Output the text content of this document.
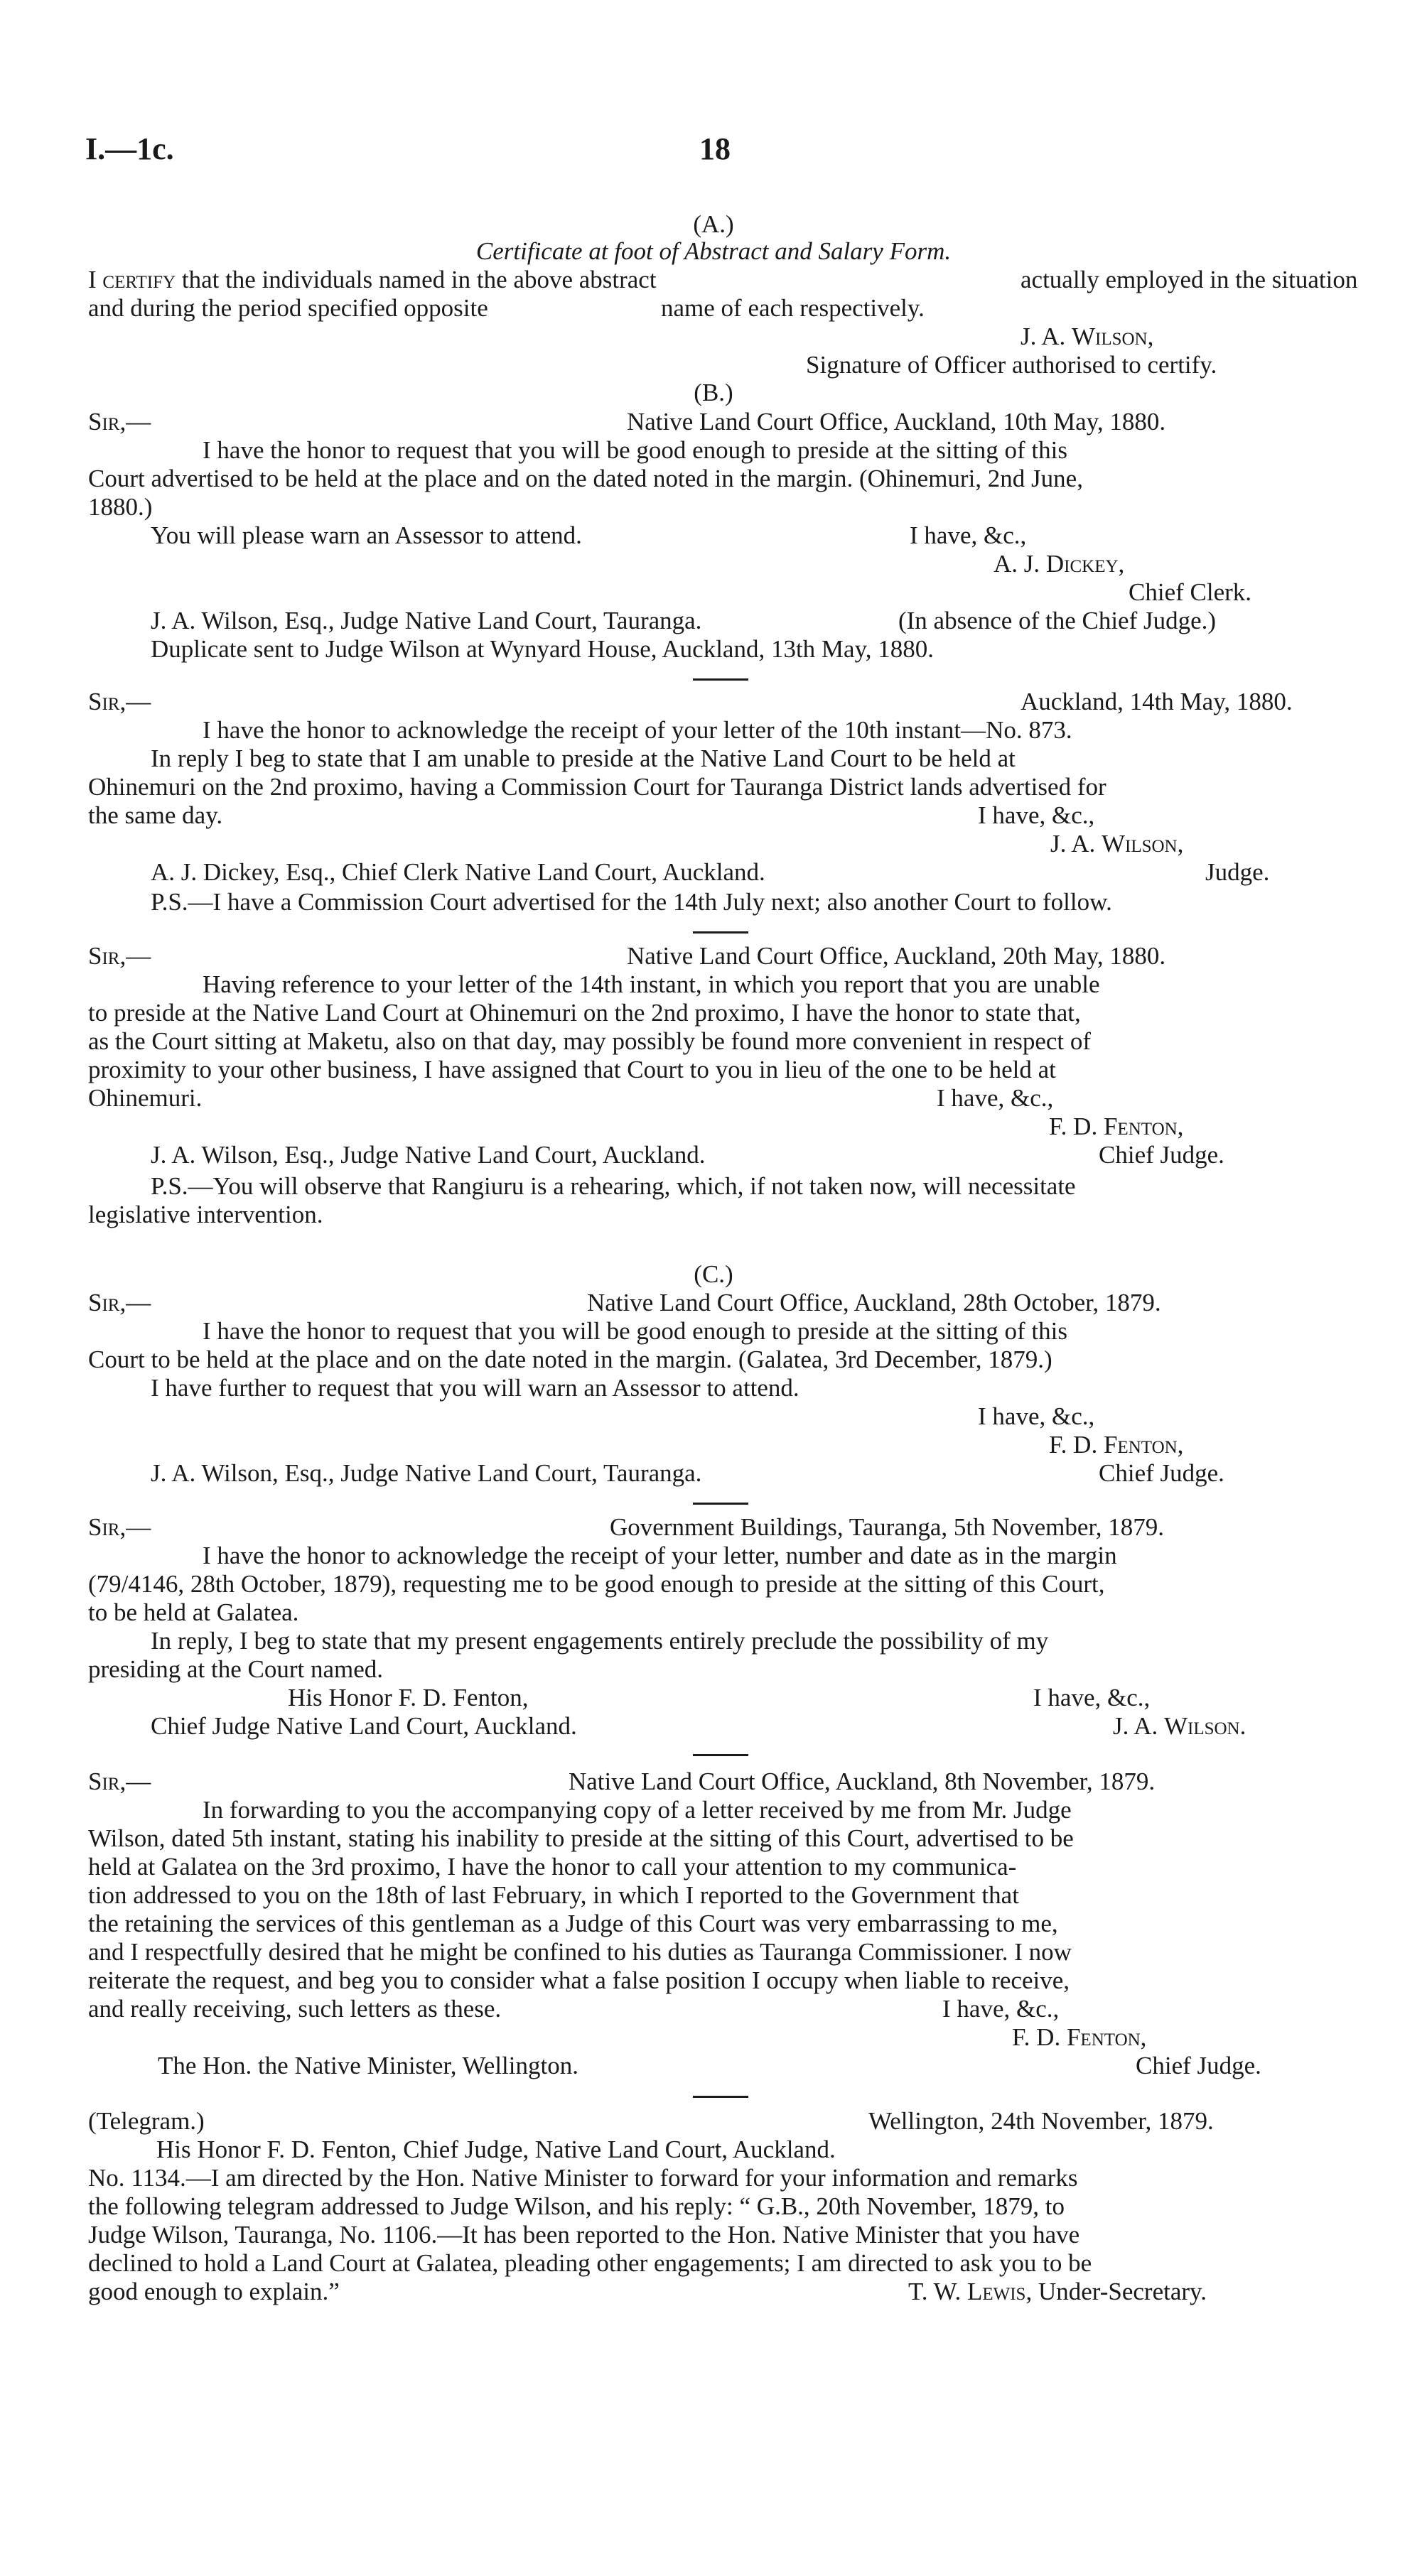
I.—1c.	18
(A.)
Certificate at foot of Abstract and Salary Form.
I certify that the individuals named in the above abstract	actually employed in the situation
and during the period specified opposite	name of each respectively.
J. A. Wilson,
Signature of Officer authorised to certify.
(B.)
Sir,—	Native Land Court Office, Auckland, 10th May, 1880.
I have the honor to request that you will be good enough to preside at the sitting of this
Court advertised to be held at the place and on the dated noted in the margin. (Ohinemuri, 2nd June,
1880.)
You will please warn an Assessor to attend.	I have, &c.,
A. J. Dickey,
Chief Clerk.
J. A. Wilson, Esq., Judge Native Land Court, Tauranga.	(In absence of the Chief Judge.)
Duplicate sent to Judge Wilson at Wynyard House, Auckland, 13th May, 1880.
Sir,—	Auckland, 14th May, 1880.
I have the honor to acknowledge the receipt of your letter of the 10th instant—No. 873.
In reply I beg to state that I am unable to preside at the Native Land Court to be held at
Ohinemuri on the 2nd proximo, having a Commission Court for Tauranga District lands advertised for
the same day.	I have, &c.,
J. A. Wilson,
A. J. Dickey, Esq., Chief Clerk Native Land Court, Auckland.	Judge.
P.S.—I have a Commission Court advertised for the 14th July next; also another Court to follow.
Sir,—	Native Land Court Office, Auckland, 20th May, 1880.
Having reference to your letter of the 14th instant, in which you report that you are unable
to preside at the Native Land Court at Ohinemuri on the 2nd proximo, I have the honor to state that,
as the Court sitting at Maketu, also on that day, may possibly be found more convenient in respect of
proximity to your other business, I have assigned that Court to you in lieu of the one to be held at
Ohinemuri.	I have, &c.,
F. D. Fenton,
J. A. Wilson, Esq., Judge Native Land Court, Auckland.	Chief Judge.
P.S.—You will observe that Rangiuru is a rehearing, which, if not taken now, will necessitate
legislative intervention.
(C.)
Sir,—	Native Land Court Office, Auckland, 28th October, 1879.
I have the honor to request that you will be good enough to preside at the sitting of this
Court to be held at the place and on the date noted in the margin. (Galatea, 3rd December, 1879.)
I have further to request that you will warn an Assessor to attend.
I have, &c.,
F. D. Fenton,
J. A. Wilson, Esq., Judge Native Land Court, Tauranga.	Chief Judge.
Sir,—	Government Buildings, Tauranga, 5th November, 1879.
I have the honor to acknowledge the receipt of your letter, number and date as in the margin
(79/4146, 28th October, 1879), requesting me to be good enough to preside at the sitting of this Court,
to be held at Galatea.
In reply, I beg to state that my present engagements entirely preclude the possibility of my
presiding at the Court named.
His Honor F. D. Fenton,	I have, &c.,
Chief Judge Native Land Court, Auckland.	J. A. Wilson.
Sir,—	Native Land Court Office, Auckland, 8th November, 1879.
In forwarding to you the accompanying copy of a letter received by me from Mr. Judge
Wilson, dated 5th instant, stating his inability to preside at the sitting of this Court, advertised to be
held at Galatea on the 3rd proximo, I have the honor to call your attention to my communica-
tion addressed to you on the 18th of last February, in which I reported to the Government that
the retaining the services of this gentleman as a Judge of this Court was very embarrassing to me,
and I respectfully desired that he might be confined to his duties as Tauranga Commissioner. I now
reiterate the request, and beg you to consider what a false position I occupy when liable to receive,
and really receiving, such letters as these.	I have, &c.,
F. D. Fenton,
The Hon. the Native Minister, Wellington.	Chief Judge.
(Telegram.)	Wellington, 24th November, 1879.
His Honor F. D. Fenton, Chief Judge, Native Land Court, Auckland.
No. 1134.—I am directed by the Hon. Native Minister to forward for your information and remarks
the following telegram addressed to Judge Wilson, and his reply: “ G.B., 20th November, 1879, to
Judge Wilson, Tauranga, No. 1106.—It has been reported to the Hon. Native Minister that you have
declined to hold a Land Court at Galatea, pleading other engagements; I am directed to ask you to be
good enough to explain.”	T. W. Lewis, Under-Secretary.
